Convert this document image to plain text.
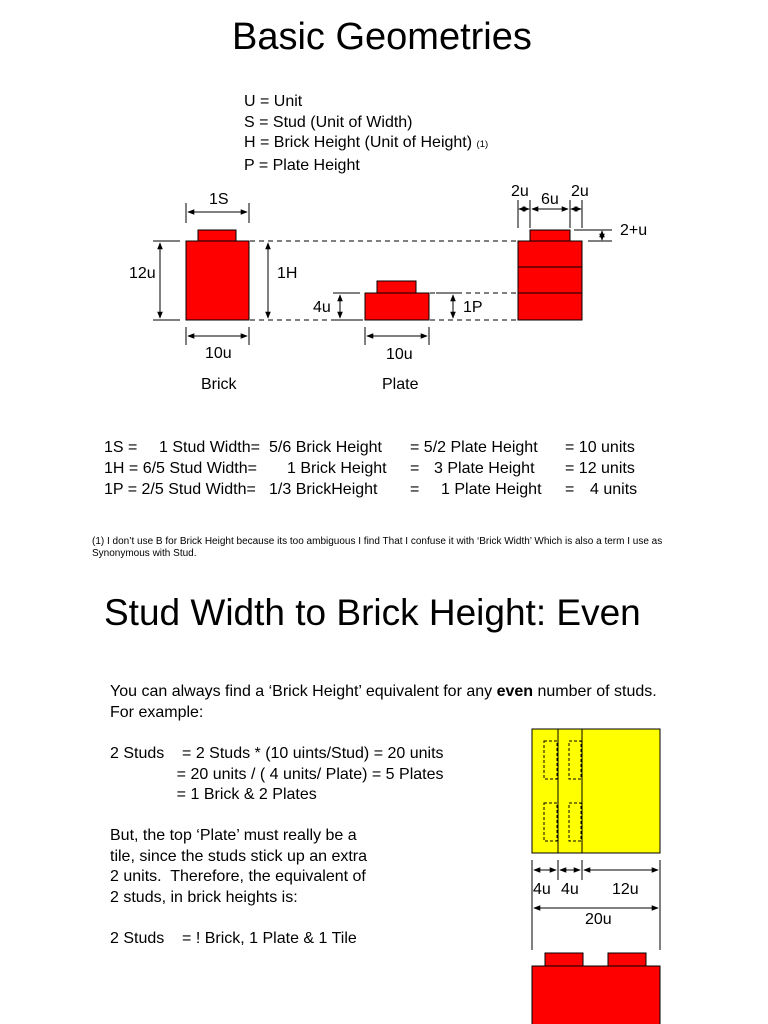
Basic Geometries
U = Unit
S = Stud (Unit of Width)
H = Brick Height (Unit of Height) (1)
P = Plate Height
1S
12u	1H
10u
Brick
4u	1P
10u
Plate
2u 6u 2u
2+u
1S = 1 Stud Width= 5/6 Brick Height = 5/2 Plate Height = 10 units
1H = 6/5 Stud Width= 1 Brick Height = 3 Plate Height = 12 units
1P = 2/5 Stud Width= 1/3 BrickHeight = 1 Plate Height = 4 units
(1) I don’t use B for Brick Height because its too ambiguous I find That I confuse it with ‘Brick Width’ Which is also a term I use as Synonymous with Stud.
Stud Width to Brick Height: Even
You can always find a ‘Brick Height’ equivalent for any even number of studs.
For example:
2 Studs    = 2 Studs * (10 uints/Stud) = 20 units
= 20 units / ( 4 units/ Plate) = 5 Plates
= 1 Brick & 2 Plates
But, the top ‘Plate’ must really be a
tile, since the studs stick up an extra
2 units.  Therefore, the equivalent of
2 studs, in brick heights is:
2 Studs    = ! Brick, 1 Plate & 1 Tile
4u 4u 12u
20u
